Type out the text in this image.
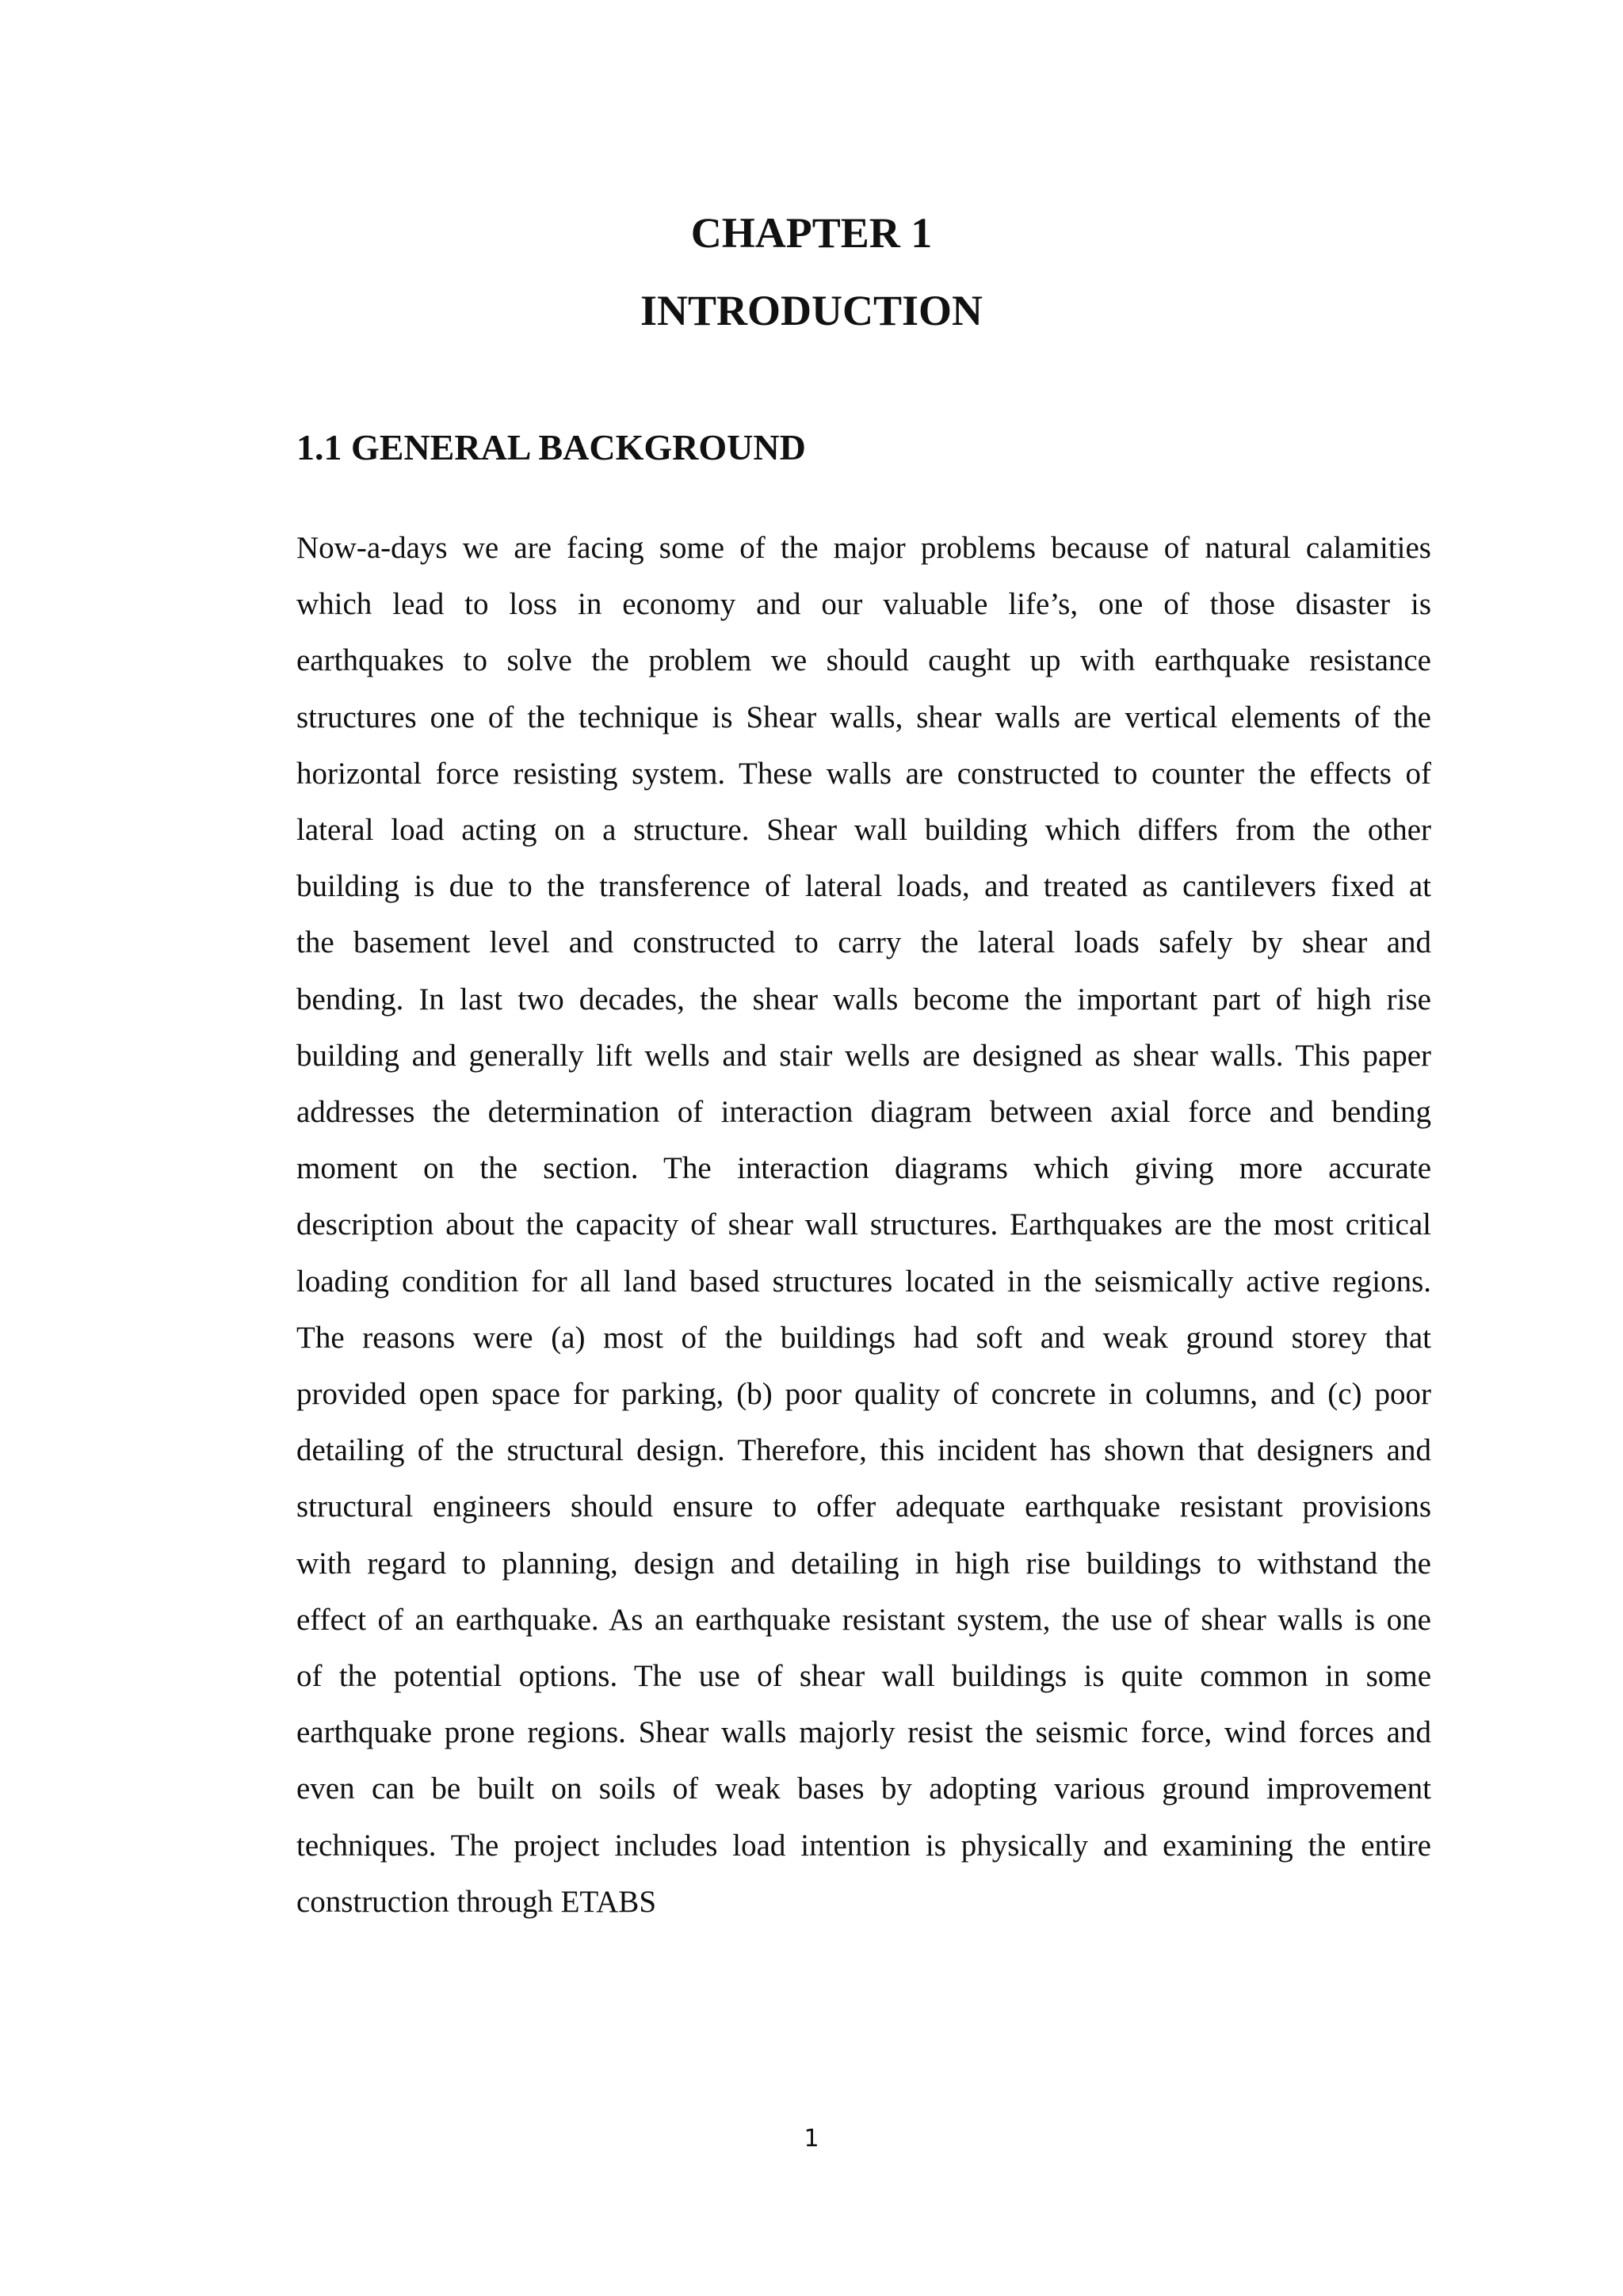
CHAPTER 1
INTRODUCTION
1.1 GENERAL BACKGROUND
Now-a-days we are facing some of the major problems because of natural calamities
which lead to loss in economy and our valuable life’s, one of those disaster is
earthquakes to solve the problem we should caught up with earthquake resistance
structures one of the technique is Shear walls, shear walls are vertical elements of the
horizontal force resisting system. These walls are constructed to counter the effects of
lateral load acting on a structure. Shear wall building which differs from the other
building is due to the transference of lateral loads, and treated as cantilevers fixed at
the basement level and constructed to carry the lateral loads safely by shear and
bending. In last two decades, the shear walls become the important part of high rise
building and generally lift wells and stair wells are designed as shear walls. This paper
addresses the determination of interaction diagram between axial force and bending
moment on the section. The interaction diagrams which giving more accurate
description about the capacity of shear wall structures. Earthquakes are the most critical
loading condition for all land based structures located in the seismically active regions.
The reasons were (a) most of the buildings had soft and weak ground storey that
provided open space for parking, (b) poor quality of concrete in columns, and (c) poor
detailing of the structural design. Therefore, this incident has shown that designers and
structural engineers should ensure to offer adequate earthquake resistant provisions
with regard to planning, design and detailing in high rise buildings to withstand the
effect of an earthquake. As an earthquake resistant system, the use of shear walls is one
of the potential options. The use of shear wall buildings is quite common in some
earthquake prone regions. Shear walls majorly resist the seismic force, wind forces and
even can be built on soils of weak bases by adopting various ground improvement
techniques. The project includes load intention is physically and examining the entire
construction through ETABS
1
